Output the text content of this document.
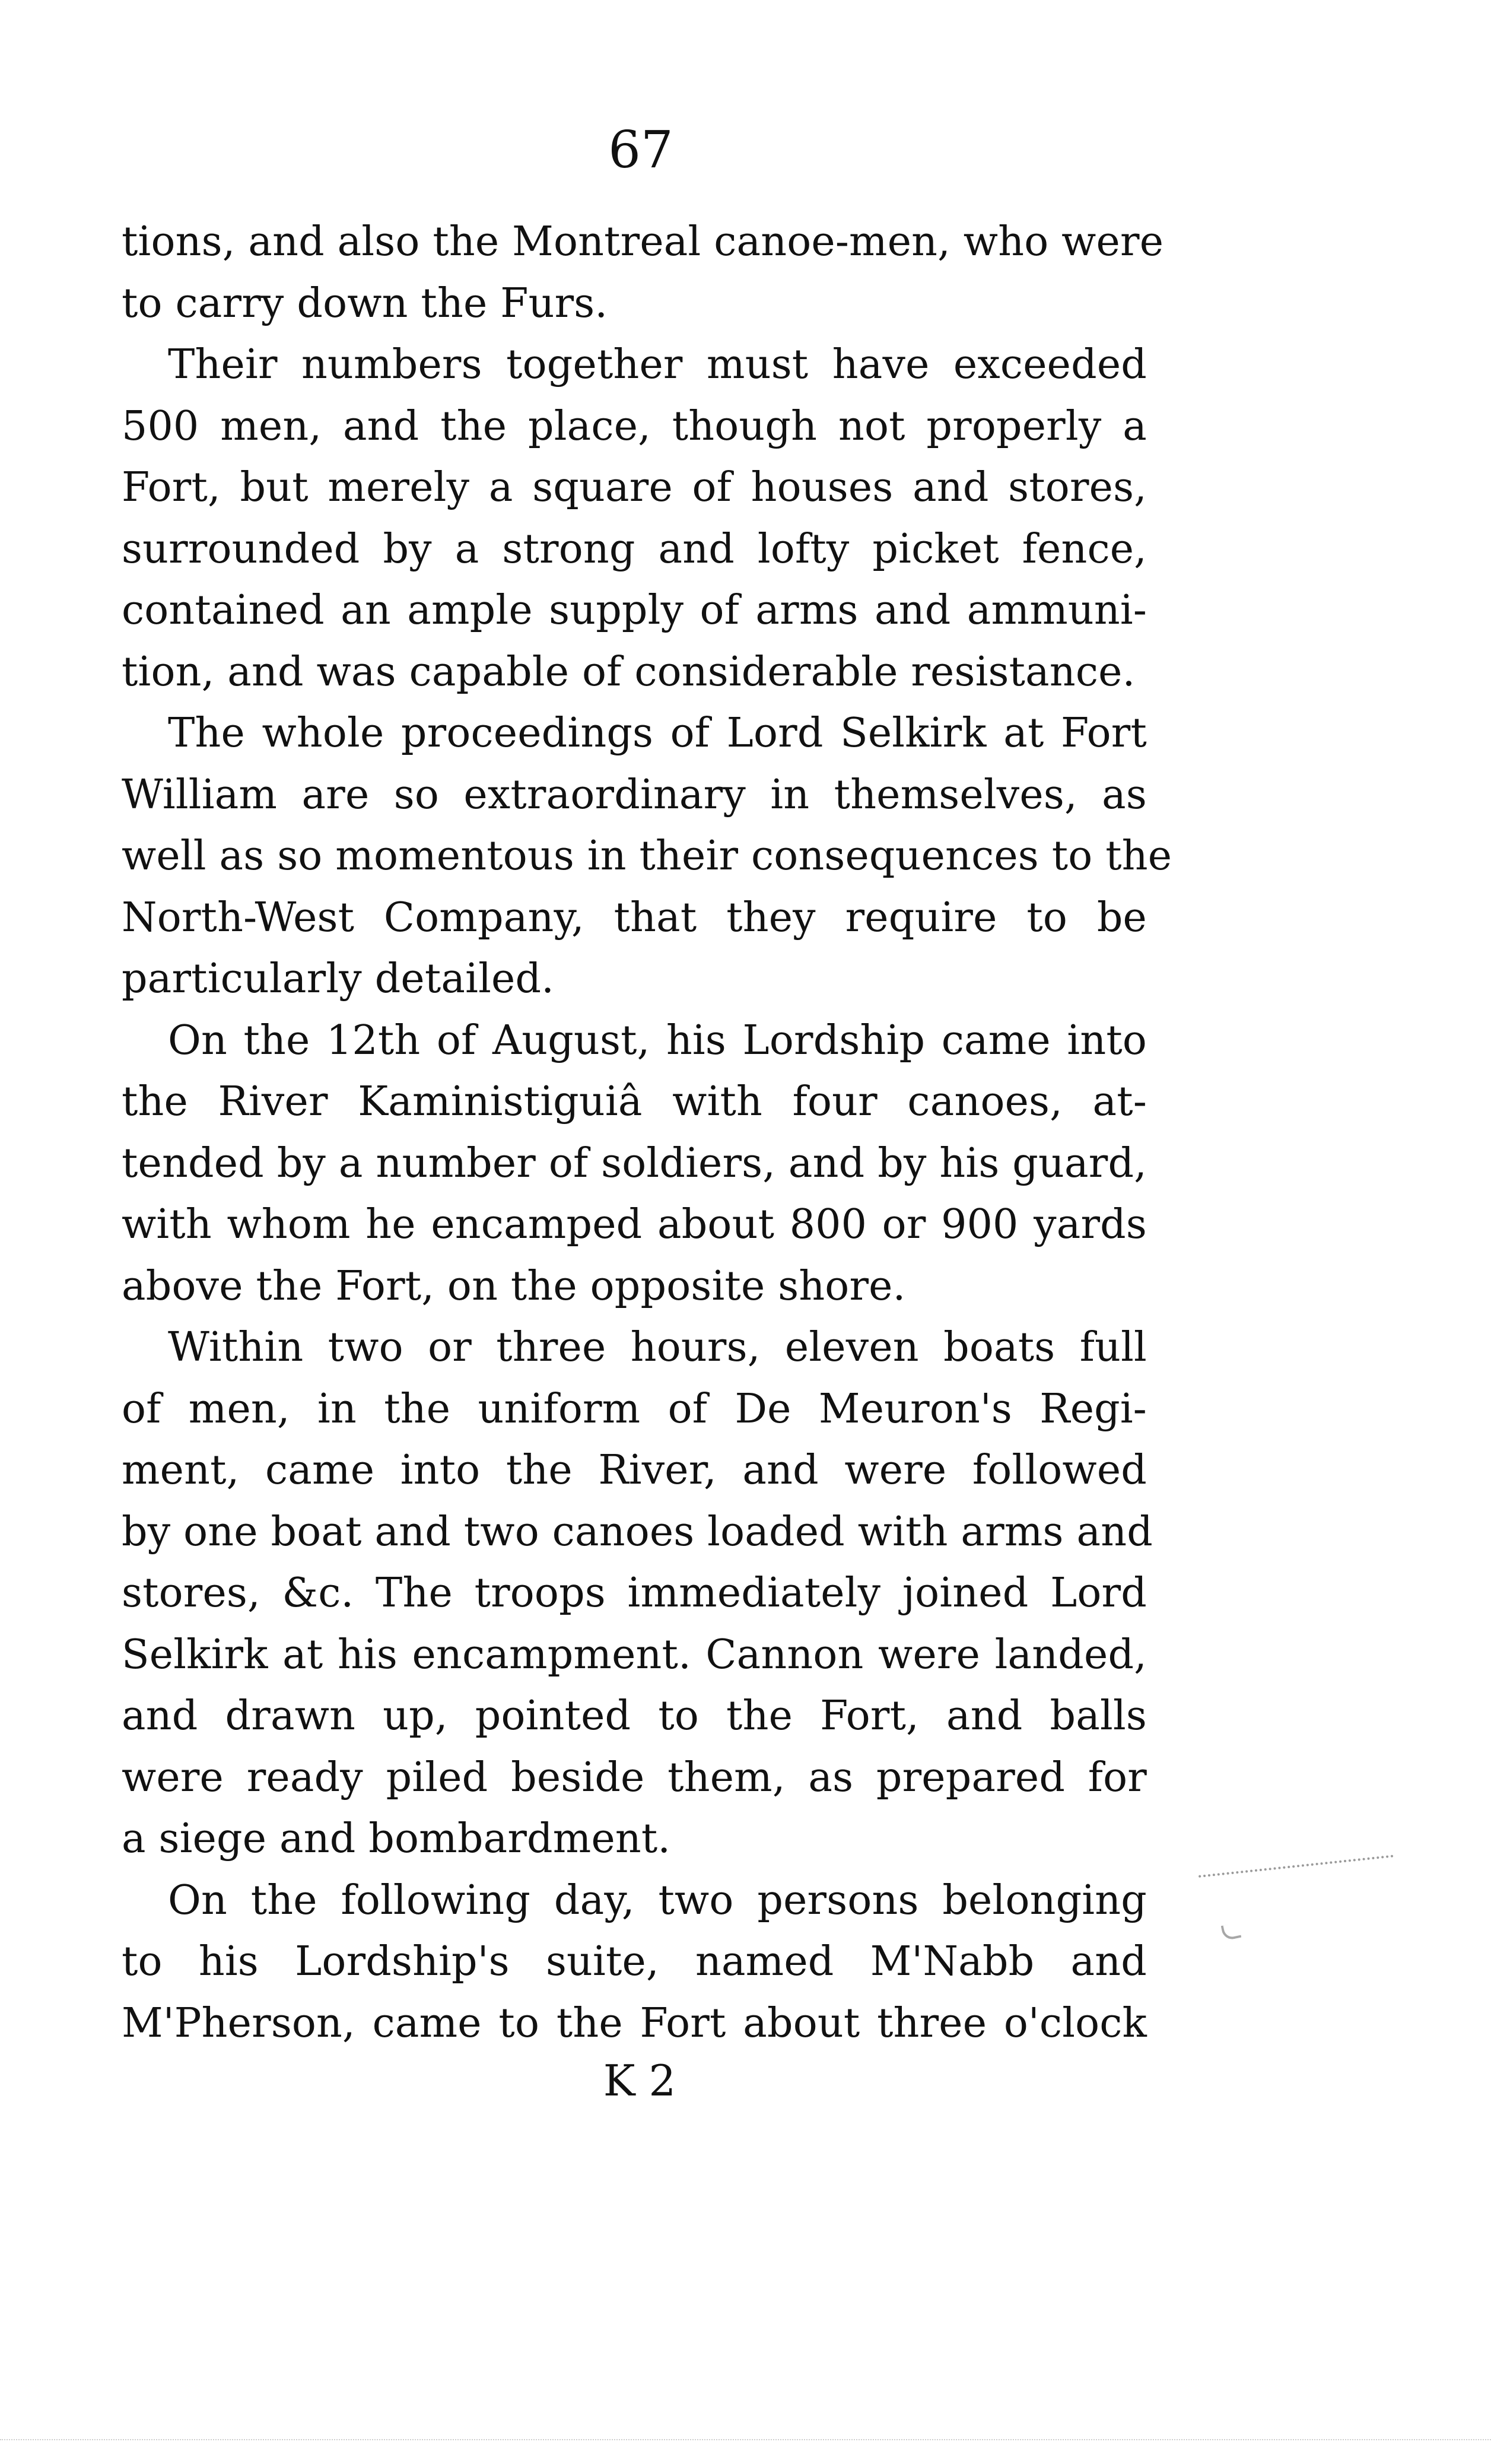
67

tions, and also the Montreal canoe-men, who were
to carry down the Furs.

Their numbers together must have exceeded
500 men, and the place, though not properly a
Fort, but merely a square of houses and stores,
surrounded by a strong and lofty picket fence,
contained an ample supply of arms and ammuni-
tion, and was capable of considerable resistance.

The whole proceedings of Lord Selkirk at Fort
William are so extraordinary in themselves, as
well as so momentous in their consequences to the
North-West Company, that they require to be
particularly detailed.

On the 12th of August, his Lordship came into
the River Kaministiguiâ with four canoes, at-
tended by a number of soldiers, and by his guard,
with whom he encamped about 800 or 900 yards
above the Fort, on the opposite shore.

Within two or three hours, eleven boats full
of men, in the uniform of De Meuron's Regi-
ment, came into the River, and were followed
by one boat and two canoes loaded with arms and
stores, &c. The troops immediately joined Lord
Selkirk at his encampment. Cannon were landed,
and drawn up, pointed to the Fort, and balls
were ready piled beside them, as prepared for
a siege and bombardment.

On the following day, two persons belonging
to his Lordship's suite, named M'Nabb and
M'Pherson, came to the Fort about three o'clock

K 2
